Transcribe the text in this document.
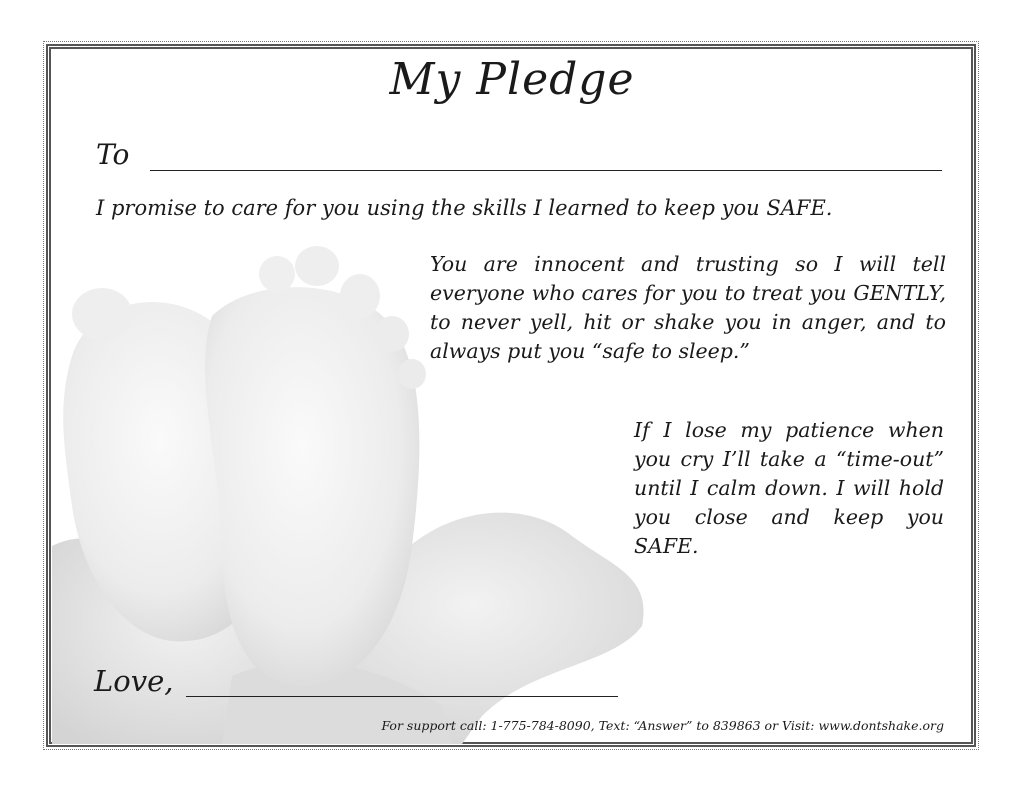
My Pledge
To
I promise to care for you using the skills I learned to keep you SAFE.
You are innocent and trusting so I will tell everyone who cares for you to treat you GENTLY, to never yell, hit or shake you in anger, and to always put you “safe to sleep.”
If I lose my patience when you cry I’ll take a “time-out” until I calm down. I will hold you close and keep you SAFE.
Love,
For support call: 1-775-784-8090, Text: “Answer” to 839863 or Visit: www.dontshake.org
